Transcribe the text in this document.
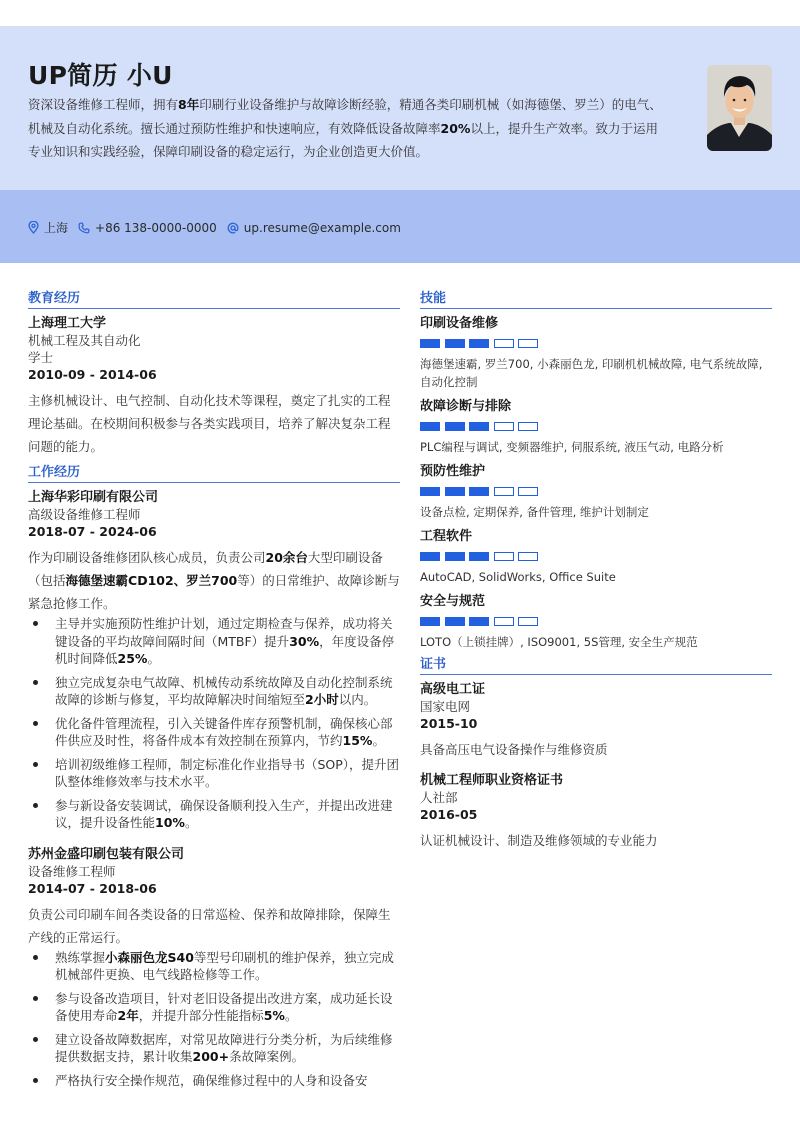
UP简历 小U
资深设备维修工程师，拥有8年印刷行业设备维护与故障诊断经验，精通各类印刷机械（如海德堡、罗兰）的电气、机械及自动化系统。擅长通过预防性维护和快速响应，有效降低设备故障率20%以上，提升生产效率。致力于运用专业知识和实践经验，保障印刷设备的稳定运行，为企业创造更大价值。
上海 +86 138-0000-0000 up.resume@example.com
教育经历
上海理工大学
机械工程及其自动化
学士
2010-09 - 2014-06
主修机械设计、电气控制、自动化技术等课程，奠定了扎实的工程理论基础。在校期间积极参与各类实践项目，培养了解决复杂工程问题的能力。
工作经历
上海华彩印刷有限公司
高级设备维修工程师
2018-07 - 2024-06
作为印刷设备维修团队核心成员，负责公司20余台大型印刷设备（包括海德堡速霸CD102、罗兰700等）的日常维护、故障诊断与紧急抢修工作。
主导并实施预防性维护计划，通过定期检查与保养，成功将关键设备的平均故障间隔时间（MTBF）提升30%，年度设备停机时间降低25%。
独立完成复杂电气故障、机械传动系统故障及自动化控制系统故障的诊断与修复，平均故障解决时间缩短至2小时以内。
优化备件管理流程，引入关键备件库存预警机制，确保核心部件供应及时性，将备件成本有效控制在预算内，节约15%。
培训初级维修工程师，制定标准化作业指导书（SOP），提升团队整体维修效率与技术水平。
参与新设备安装调试，确保设备顺利投入生产，并提出改进建议，提升设备性能10%。
苏州金盛印刷包装有限公司
设备维修工程师
2014-07 - 2018-06
负责公司印刷车间各类设备的日常巡检、保养和故障排除，保障生产线的正常运行。
熟练掌握小森丽色龙S40等型号印刷机的维护保养，独立完成机械部件更换、电气线路检修等工作。
参与设备改造项目，针对老旧设备提出改进方案，成功延长设备使用寿命2年，并提升部分性能指标5%。
建立设备故障数据库，对常见故障进行分类分析，为后续维修提供数据支持，累计收集200+条故障案例。
严格执行安全操作规范，确保维修过程中的人身和设备安
技能
印刷设备维修
海德堡速霸, 罗兰700, 小森丽色龙, 印刷机机械故障, 电气系统故障, 自动化控制
故障诊断与排除
PLC编程与调试, 变频器维护, 伺服系统, 液压气动, 电路分析
预防性维护
设备点检, 定期保养, 备件管理, 维护计划制定
工程软件
AutoCAD, SolidWorks, Office Suite
安全与规范
LOTO（上锁挂牌）, ISO9001, 5S管理, 安全生产规范
证书
高级电工证
国家电网
2015-10
具备高压电气设备操作与维修资质
机械工程师职业资格证书
人社部
2016-05
认证机械设计、制造及维修领域的专业能力
